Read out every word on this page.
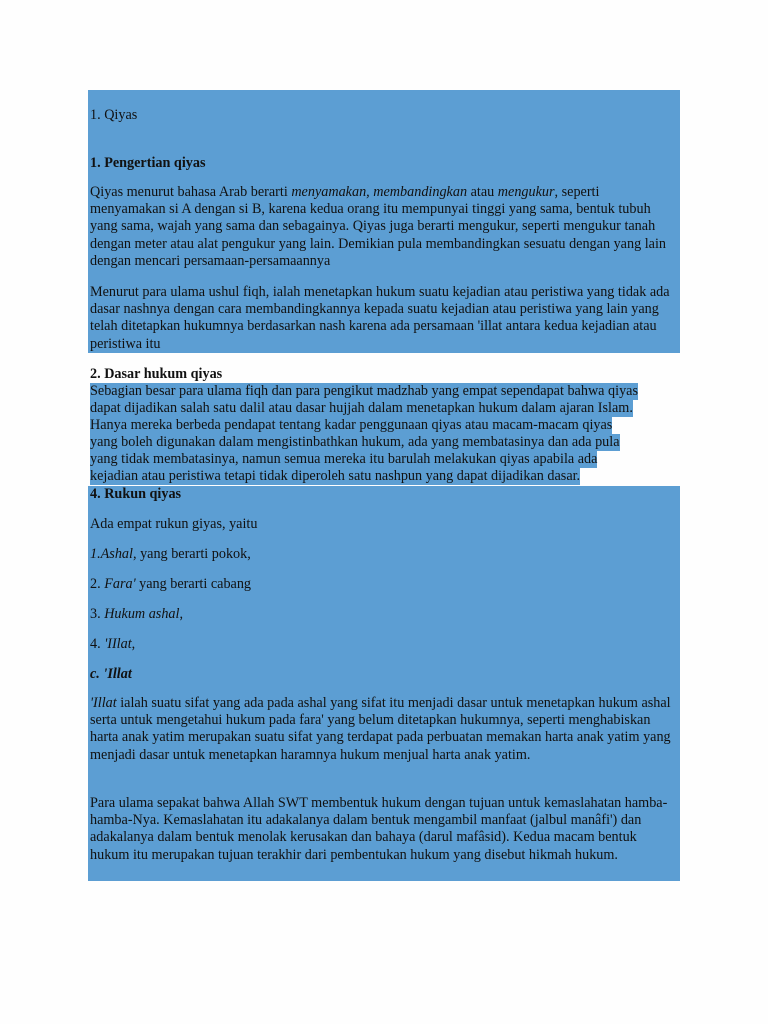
1. Qiyas
1. Pengertian qiyas
Qiyas menurut bahasa Arab berarti menyamakan, membandingkan atau mengukur, seperti menyamakan si A dengan si B, karena kedua orang itu mempunyai tinggi yang sama, bentuk tubuh yang sama, wajah yang sama dan sebagainya. Qiyas juga berarti mengukur, seperti mengukur tanah dengan meter atau alat pengukur yang lain. Demikian pula membandingkan sesuatu dengan yang lain dengan mencari persamaan-persamaannya
Menurut para ulama ushul fiqh, ialah menetapkan hukum suatu kejadian atau peristiwa yang tidak ada dasar nashnya dengan cara membandingkannya kepada suatu kejadian atau peristiwa yang lain yang telah ditetapkan hukumnya berdasarkan nash karena ada persamaan 'illat antara kedua kejadian atau peristiwa itu
2. Dasar hukum qiyas
Sebagian besar para ulama fiqh dan para pengikut madzhab yang empat sependapat bahwa qiyas
dapat dijadikan salah satu dalil atau dasar hujjah dalam menetapkan hukum dalam ajaran Islam.
Hanya mereka berbeda pendapat tentang kadar penggunaan qiyas atau macam-macam qiyas
yang boleh digunakan dalam mengistinbathkan hukum, ada yang membatasinya dan ada pula
yang tidak membatasinya, namun semua mereka itu barulah melakukan qiyas apabila ada
kejadian atau peristiwa tetapi tidak diperoleh satu nashpun yang dapat dijadikan dasar.
4. Rukun qiyas
Ada empat rukun giyas, yaitu
1.Ashal, yang berarti pokok,
2. Fara' yang berarti cabang
3. Hukum ashal,
4. 'IIlat,
c. 'Illat
'Illat ialah suatu sifat yang ada pada ashal yang sifat itu menjadi dasar untuk menetapkan hukum ashal serta untuk mengetahui hukum pada fara' yang belum ditetapkan hukumnya, seperti menghabiskan harta anak yatim merupakan suatu sifat yang terdapat pada perbuatan memakan harta anak yatim yang menjadi dasar untuk menetapkan haramnya hukum menjual harta anak yatim.
Para ulama sepakat bahwa Allah SWT membentuk hukum dengan tujuan untuk kemaslahatan hamba-hamba-Nya. Kemaslahatan itu adakalanya dalam bentuk mengambil manfaat (jalbul manâfi') dan adakalanya dalam bentuk menolak kerusakan dan bahaya (darul mafâsid). Kedua macam bentuk hukum itu merupakan tujuan terakhir dari pembentukan hukum yang disebut hikmah hukum.
